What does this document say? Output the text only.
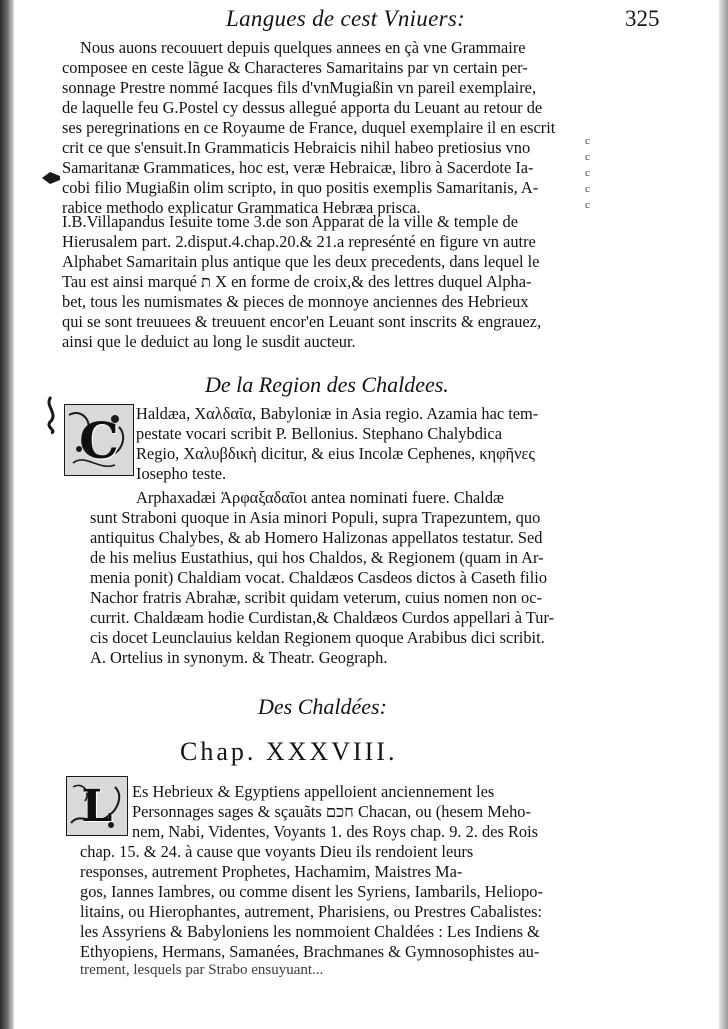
Langues de cest Vniuers:	325
Nous auons recouuert depuis quelques annees en çà vne Grammaire
composee en ceste lãgue & Characteres Samaritains par vn certain per-
sonnage Prestre nommé Iacques fils d'vnMugiaßin vn pareil exemplaire,
de laquelle feu G.Postel cy dessus allegué apporta du Leuant au retour de
ses peregrinations en ce Royaume de France, duquel exemplaire il en escrit
crit ce que s'ensuit.In Grammaticis Hebraicis nihil habeo pretiosius vno
Samaritanæ Grammatices, hoc est, veræ Hebraicæ, libro à Sacerdote Ia-
cobi filio Mugiaßin olim scripto, in quo positis exemplis Samaritanis, A-
rabice methodo explicatur Grammatica Hebræa prisca.
c
c
c
c
c
I.B.Villapandus Iesuite tome 3.de son Apparat de la ville & temple de
Hierusalem part. 2.disput.4.chap.20.& 21.a represénté en figure vn autre
Alphabet Samaritain plus antique que les deux precedents, dans lequel le
Tau est ainsi marqué ת X en forme de croix,& des lettres duquel Alpha-
bet, tous les numismates & pieces de monnoye anciennes des Hebrieux
qui se sont treuuees & treuuent encor'en Leuant sont inscrits & engrauez,
ainsi que le deduict au long le susdit aucteur.
De la Region des Chaldees.
C	Haldæa, Χαλδαῖα, Babyloniæ in Asia regio. Azamia hac tem-
pestate vocari scribit P. Bellonius. Stephano Chalybdica
Regio, Χαλυβδικὴ dicitur, & eius Incolæ Cephenes, κηφῆνες
Iosepho teste.
Arphaxadæi Ἀρφαξαδαῖοι antea nominati fuere. Chaldæ
sunt Straboni quoque in Asia minori Populi, supra Trapezuntem, quo
antiquitus Chalybes, & ab Homero Halizonas appellatos testatur. Sed
de his melius Eustathius, qui hos Chaldos, & Regionem (quam in Ar-
menia ponit) Chaldiam vocat. Chaldæos Casdeos dictos à Caseth filio
Nachor fratris Abrahæ, scribit quidam veterum, cuius nomen non oc-
currit. Chaldæam hodie Curdistan,& Chaldæos Curdos appellari à Tur-
cis docet Leunclauius keldan Regionem quoque Arabibus dici scribit.
A. Ortelius in synonym. & Theatr. Geograph.
Des Chaldées:
Chap. XXXVIII.
L	Es Hebrieux & Egyptiens appelloient anciennement les
Personnages sages & sçauãts חכם Chacan, ou (hesem Meho-
nem, Nabi, Videntes, Voyants 1. des Roys chap. 9. 2. des Rois
chap. 15. & 24. à cause que voyants Dieu ils rendoient leurs
responses, autrement Prophetes, Hachamim, Maistres Ma-
gos, Iannes Iambres, ou comme disent les Syriens, Iambarils, Heliopo-
litains, ou Hierophantes, autrement, Pharisiens, ou Prestres Cabalistes:
les Assyriens & Babyloniens les nommoient Chaldées : Les Indiens &
Ethyopiens, Hermans, Samanées, Brachmanes & Gymnosophistes au-
trement, lesquels par Strabo ensuyuant...
